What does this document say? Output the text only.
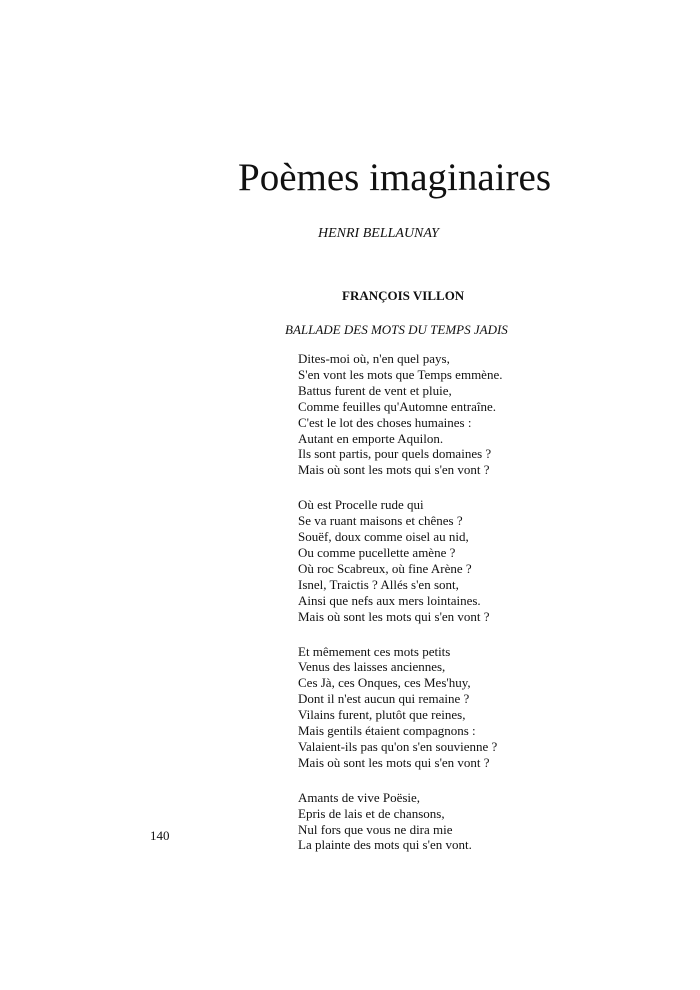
Poèmes imaginaires

HENRI BELLAUNAY

FRANÇOIS VILLON

BALLADE DES MOTS DU TEMPS JADIS

Dites-moi où, n'en quel pays,
S'en vont les mots que Temps emmène.
Battus furent de vent et pluie,
Comme feuilles qu'Automne entraîne.
C'est le lot des choses humaines :
Autant en emporte Aquilon.
Ils sont partis, pour quels domaines ?
Mais où sont les mots qui s'en vont ?
Où est Procelle rude qui
Se va ruant maisons et chênes ?
Souëf, doux comme oisel au nid,
Ou comme pucellette amène ?
Où roc Scabreux, où fine Arène ?
Isnel, Traictis ? Allés s'en sont,
Ainsi que nefs aux mers lointaines.
Mais où sont les mots qui s'en vont ?
Et mêmement ces mots petits
Venus des laisses anciennes,
Ces Jà, ces Onques, ces Mes'huy,
Dont il n'est aucun qui remaine ?
Vilains furent, plutôt que reines,
Mais gentils étaient compagnons :
Valaient-ils pas qu'on s'en souvienne ?
Mais où sont les mots qui s'en vont ?
Amants de vive Poësie,
Epris de lais et de chansons,
Nul fors que vous ne dira mie
La plainte des mots qui s'en vont.

140
